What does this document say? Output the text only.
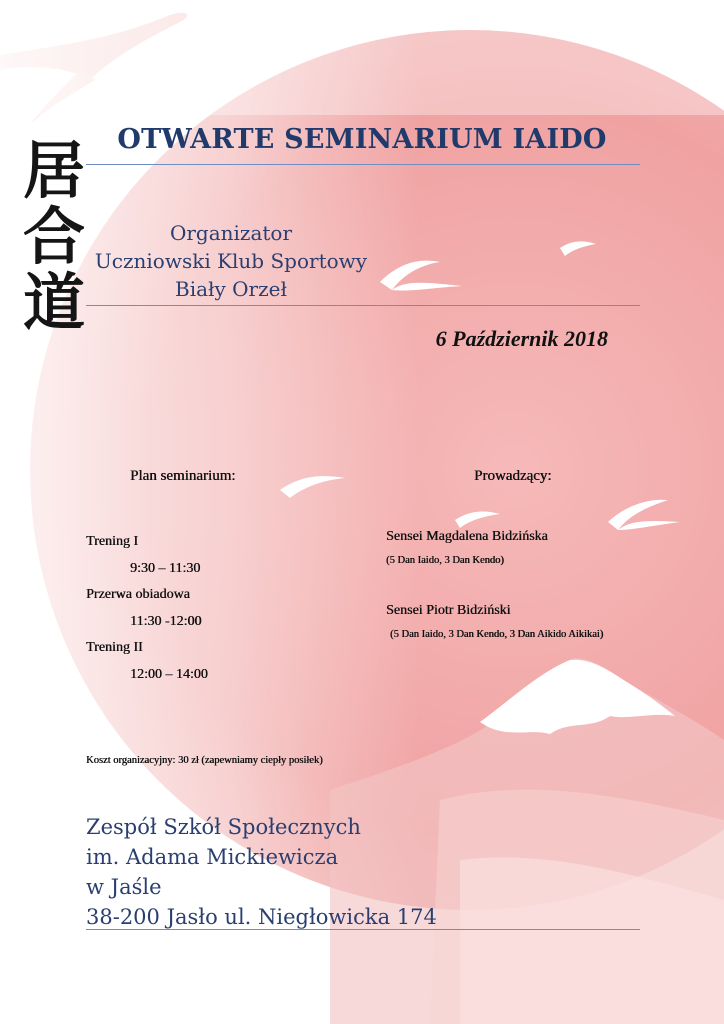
居
合
道
OTWARTE SEMINARIUM IAIDO
Organizator
Uczniowski Klub Sportowy
Biały Orzeł
6 Październik 2018
Plan seminarium:	Prowadzący:
Trening I
9:30 – 11:30
Przerwa obiadowa
11:30 -12:00
Trening II
12:00 – 14:00
Sensei Magdalena Bidzińska
(5 Dan Iaido, 3 Dan Kendo)
Sensei Piotr Bidziński
(5 Dan Iaido, 3 Dan Kendo, 3 Dan Aikido Aikikai)
Koszt organizacyjny: 30 zł (zapewniamy ciepły posiłek)
Zespół Szkół Społecznych
im. Adama Mickiewicza
w Jaśle
38-200 Jasło ul. Niegłowicka 174
